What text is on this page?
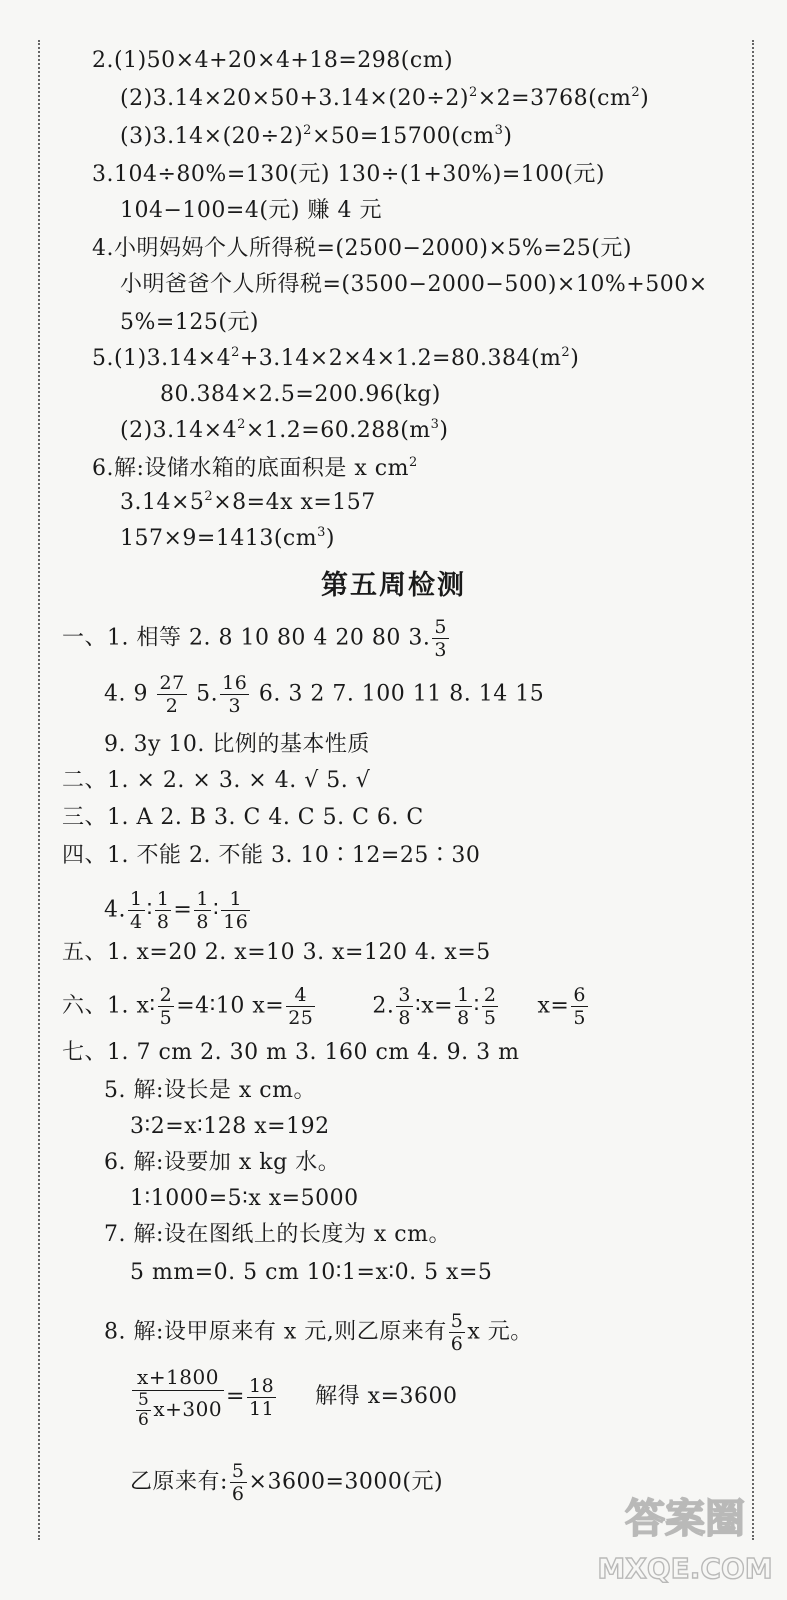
2.(1)50×4+20×4+18=298(cm)
$(2)3.14\times 20\times 50+3.14\times(20\div 2)^2\times 2=3768(cm^2)$
$(3)3.14\times(20\div 2)^2\times 50=15700(cm^3)$
3.104÷80%=130(元) 130÷(1+30%)=100(元)
104−100=4(元) 赚 4 元
4.小明妈妈个人所得税=(2500−2000)×5%=25(元)
小明爸爸个人所得税=(3500−2000−500)×10%+500×
5%=125(元)
$5.(1)3.14\times 4^2+3.14\times 2\times 4\times 1.2=80.384(m^2)$
80.384×2.5=200.96(kg)
$(2)3.14\times 4^2\times 1.2=60.288(m^3)$
6.解:设储水箱的底面积是 x $cm^2$
$3.14\times 5^2\times 8=4x$ x=157
$157\times 9=1413(cm^3)$
第五周检测
一、1. 相等 2. 8 10 80 4 20 80 3. $\frac{5}{3}$
4. $9 \frac{27}{2} 5$. $\frac{16}{3} 6$. 3 2 7. 100 11 8. 14 15
9. 3y 10. 比例的基本性质
二、1. × 2. × 3. × 4. √ 5. √
三、1. A 2. B 3. C 4. C 5. C 6. C
四、1. 不能 2. 不能 3. 10∶12=25∶30
4. $\frac{1}{4}$ ∶ $\frac{1}{8} = \frac{1}{8}$ ∶ $\frac{1}{16}$
五、1. x=20 2. x=10 3. x=120 4. x=5
六、1. x∶ $\frac{2}{5}$ =4∶10 $x= \frac{4}{25}$	2. $\frac{3}{8}$ ∶x= $\frac{1}{8}$ ∶ $\frac{2}{5} x= \frac{6}{5}$
七、1. 7 cm 2. 30 m 3. 160 cm 4. 9. 3 m
5. 解:设长是 x cm。
3∶2=x∶128 x=192
6. 解:设要加 x kg 水。
1∶1000=5∶x x=5000
7. 解:设在图纸上的长度为 x cm。
5 mm=0. 5 cm 10∶1=x∶0. 5 x=5
8. 解:设甲原来有 x 元,则乙原来有 $\frac{5}{6}$ x 元。
$\frac{x+1800}{\frac{5}{6} x+300} = \frac{18}{11}$ 解得 x=3600
乙原来有: $\frac{5}{6} \times 3600=3000$(元)
答案圈
MXQE.COM
